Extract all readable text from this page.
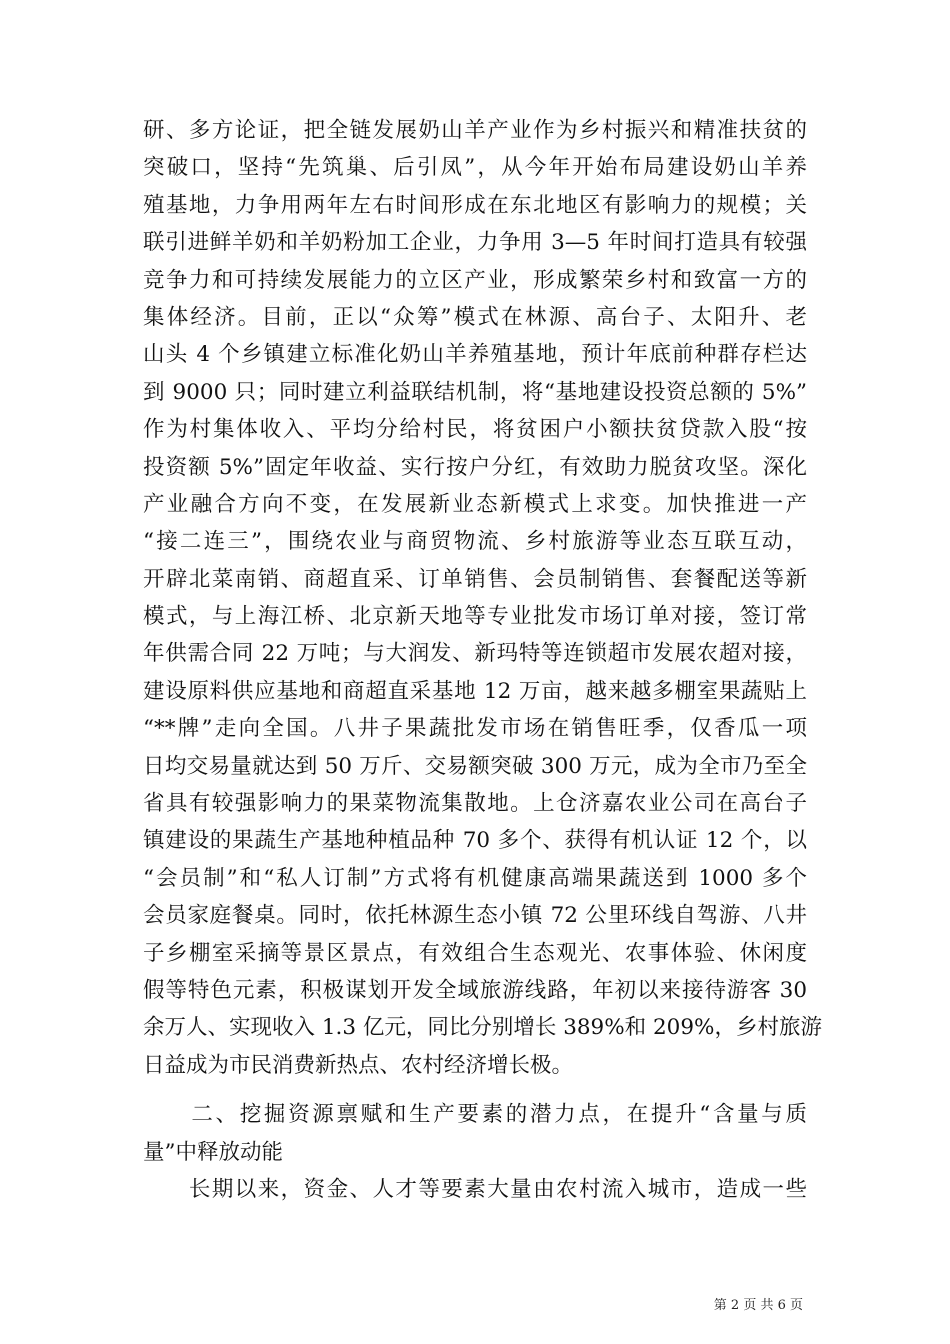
研、多方论证，把全链发展奶山羊产业作为乡村振兴和精准扶贫的
突破口，坚持“先筑巢、后引凤”，从今年开始布局建设奶山羊养
殖基地，力争用两年左右时间形成在东北地区有影响力的规模；关
联引进鲜羊奶和羊奶粉加工企业，力争用 3—5 年时间打造具有较强
竞争力和可持续发展能力的立区产业，形成繁荣乡村和致富一方的
集体经济。目前，正以“众筹”模式在林源、高台子、太阳升、老
山头 4 个乡镇建立标准化奶山羊养殖基地，预计年底前种群存栏达
到 9000 只；同时建立利益联结机制，将“基地建设投资总额的 5%”
作为村集体收入、平均分给村民，将贫困户小额扶贫贷款入股“按
投资额 5%”固定年收益、实行按户分红，有效助力脱贫攻坚。深化
产业融合方向不变，在发展新业态新模式上求变。加快推进一产
“接二连三”，围绕农业与商贸物流、乡村旅游等业态互联互动，
开辟北菜南销、商超直采、订单销售、会员制销售、套餐配送等新
模式，与上海江桥、北京新天地等专业批发市场订单对接，签订常
年供需合同 22 万吨；与大润发、新玛特等连锁超市发展农超对接，
建设原料供应基地和商超直采基地 12 万亩，越来越多棚室果蔬贴上
“**牌”走向全国。八井子果蔬批发市场在销售旺季，仅香瓜一项
日均交易量就达到 50 万斤、交易额突破 300 万元，成为全市乃至全
省具有较强影响力的果菜物流集散地。上仓济嘉农业公司在高台子
镇建设的果蔬生产基地种植品种 70 多个、获得有机认证 12 个，以
“会员制”和“私人订制”方式将有机健康高端果蔬送到 1000 多个
会员家庭餐桌。同时，依托林源生态小镇 72 公里环线自驾游、八井
子乡棚室采摘等景区景点，有效组合生态观光、农事体验、休闲度
假等特色元素，积极谋划开发全域旅游线路，年初以来接待游客 30
余万人、实现收入 1.3 亿元，同比分别增长 389%和 209%，乡村旅游
日益成为市民消费新热点、农村经济增长极。
　　二、挖掘资源禀赋和生产要素的潜力点，在提升“含量与质
量”中释放动能
　　长期以来，资金、人才等要素大量由农村流入城市，造成一些
第 2 页 共 6 页
